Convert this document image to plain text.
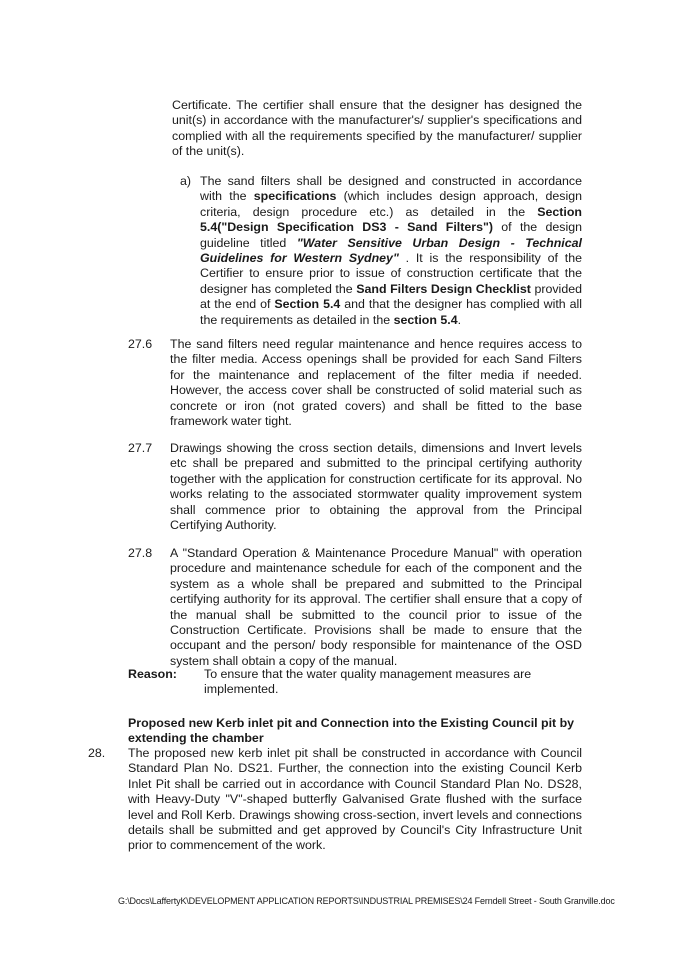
Certificate. The certifier shall ensure that the designer has designed the unit(s) in accordance with the manufacturer's/ supplier's specifications and complied with all the requirements specified by the manufacturer/ supplier of the unit(s).
a) The sand filters shall be designed and constructed in accordance with the specifications (which includes design approach, design criteria, design procedure etc.) as detailed in the Section 5.4("Design Specification DS3 - Sand Filters") of the design guideline titled "Water Sensitive Urban Design - Technical Guidelines for Western Sydney" . It is the responsibility of the Certifier to ensure prior to issue of construction certificate that the designer has completed the Sand Filters Design Checklist provided at the end of Section 5.4 and that the designer has complied with all the requirements as detailed in the section 5.4.
27.6 The sand filters need regular maintenance and hence requires access to the filter media. Access openings shall be provided for each Sand Filters for the maintenance and replacement of the filter media if needed. However, the access cover shall be constructed of solid material such as concrete or iron (not grated covers) and shall be fitted to the base framework water tight.
27.7 Drawings showing the cross section details, dimensions and Invert levels etc shall be prepared and submitted to the principal certifying authority together with the application for construction certificate for its approval. No works relating to the associated stormwater quality improvement system shall commence prior to obtaining the approval from the Principal Certifying Authority.
27.8 A "Standard Operation & Maintenance Procedure Manual" with operation procedure and maintenance schedule for each of the component and the system as a whole shall be prepared and submitted to the Principal certifying authority for its approval. The certifier shall ensure that a copy of the manual shall be submitted to the council prior to issue of the Construction Certificate. Provisions shall be made to ensure that the occupant and the person/ body responsible for maintenance of the OSD system shall obtain a copy of the manual.
Reason: To ensure that the water quality management measures are implemented.
Proposed new Kerb inlet pit and Connection into the Existing Council pit by extending the chamber
28. The proposed new kerb inlet pit shall be constructed in accordance with Council Standard Plan No. DS21. Further, the connection into the existing Council Kerb Inlet Pit shall be carried out in accordance with Council Standard Plan No. DS28, with Heavy-Duty "V"-shaped butterfly Galvanised Grate flushed with the surface level and Roll Kerb. Drawings showing cross-section, invert levels and connections details shall be submitted and get approved by Council's City Infrastructure Unit prior to commencement of the work.
G:\Docs\LaffertyK\DEVELOPMENT APPLICATION REPORTS\INDUSTRIAL PREMISES\24 Ferndell Street - South Granville.doc
